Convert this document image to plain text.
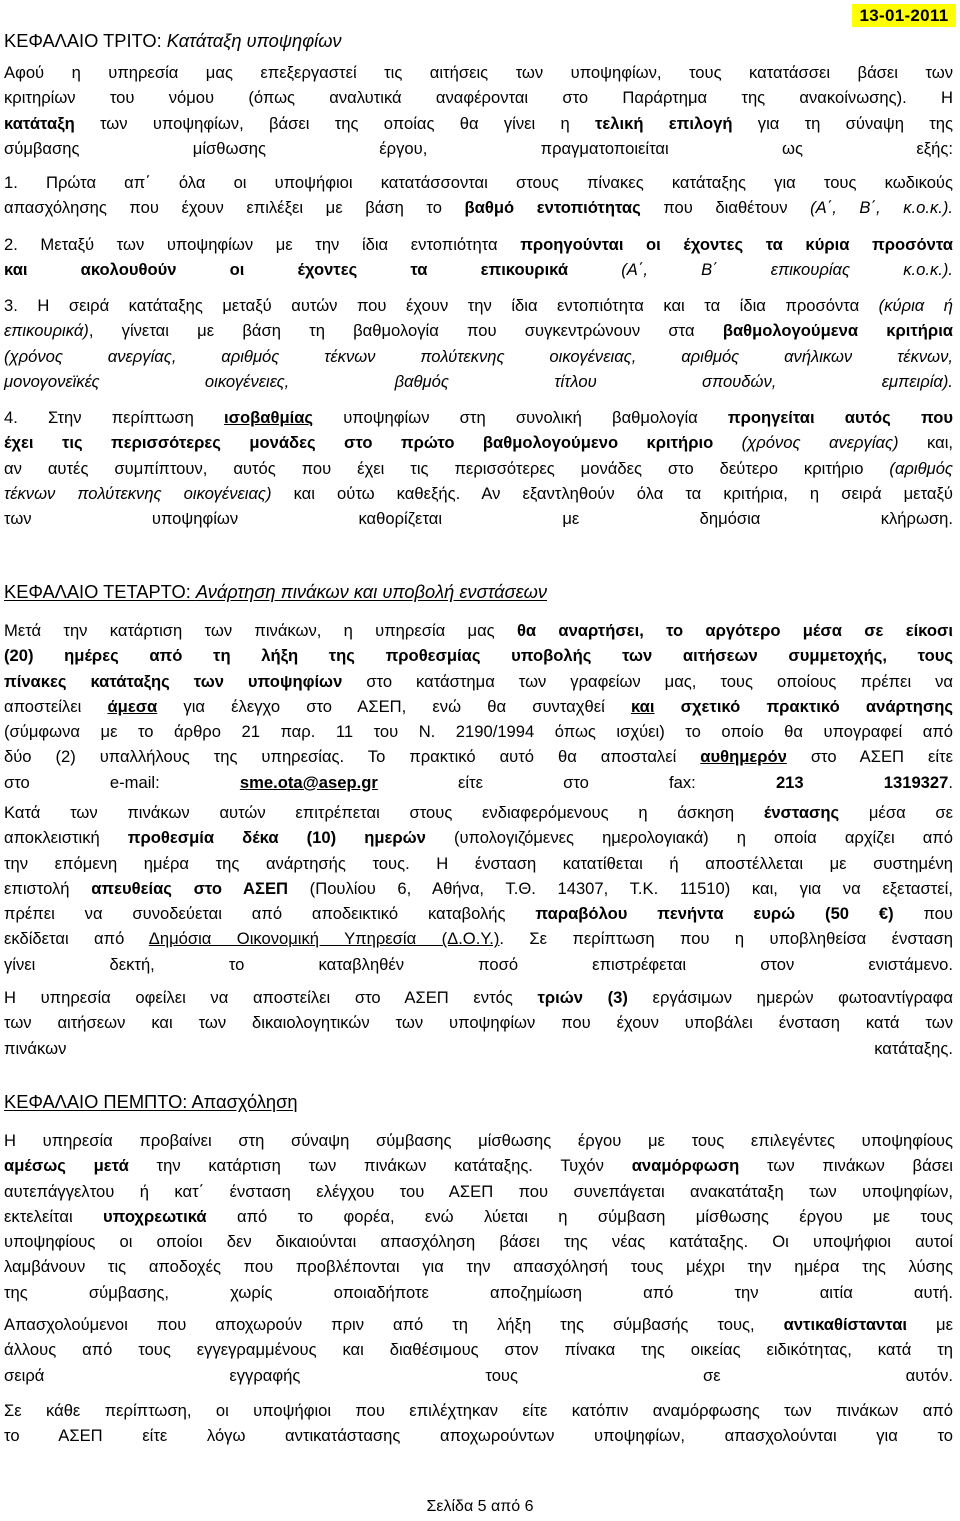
13-01-2011
ΚΕΦΑΛΑΙΟ ΤΡΙΤΟ: Κατάταξη υποψηφίων
Αφού η υπηρεσία μας επεξεργαστεί τις αιτήσεις των υποψηφίων, τους κατατάσσει βάσει των
κριτηρίων του νόμου (όπως αναλυτικά αναφέρονται στο Παράρτημα της ανακοίνωσης). Η
κατάταξη των υποψηφίων, βάσει της οποίας θα γίνει η τελική επιλογή για τη σύναψη της
σύμβασης μίσθωσης έργου, πραγματοποιείται ως εξής:
1. Πρώτα απ΄ όλα οι υποψήφιοι κατατάσσονται στους πίνακες κατάταξης για τους κωδικούς
απασχόλησης που έχουν επιλέξει με βάση το βαθμό εντοπιότητας που διαθέτουν (Α΄, Β΄, κ.ο.κ.).
2. Μεταξύ των υποψηφίων με την ίδια εντοπιότητα προηγούνται οι έχοντες τα κύρια προσόντα
και ακολουθούν οι έχοντες τα επικουρικά (Α΄, Β΄ επικουρίας κ.ο.κ.).
3. Η σειρά κατάταξης μεταξύ αυτών που έχουν την ίδια εντοπιότητα και τα ίδια προσόντα (κύρια ή
επικουρικά), γίνεται με βάση τη βαθμολογία που συγκεντρώνουν στα βαθμολογούμενα κριτήρια
(χρόνος ανεργίας, αριθμός τέκνων πολύτεκνης οικογένειας, αριθμός ανήλικων τέκνων,
μονογονεϊκές οικογένειες, βαθμός τίτλου σπουδών, εμπειρία).
4. Στην περίπτωση ισοβαθμίας υποψηφίων στη συνολική βαθμολογία προηγείται αυτός που
έχει τις περισσότερες μονάδες στο πρώτο βαθμολογούμενο κριτήριο (χρόνος ανεργίας) και,
αν αυτές συμπίπτουν, αυτός που έχει τις περισσότερες μονάδες στο δεύτερο κριτήριο (αριθμός
τέκνων πολύτεκνης οικογένειας) και ούτω καθεξής. Αν εξαντληθούν όλα τα κριτήρια, η σειρά μεταξύ
των υποψηφίων καθορίζεται με δημόσια κλήρωση.
ΚΕΦΑΛΑΙΟ ΤΕΤΑΡΤΟ: Ανάρτηση πινάκων και υποβολή ενστάσεων
Μετά την κατάρτιση των πινάκων, η υπηρεσία μας θα αναρτήσει, το αργότερο μέσα σε είκοσι
(20) ημέρες από τη λήξη της προθεσμίας υποβολής των αιτήσεων συμμετοχής, τους
πίνακες κατάταξης των υποψηφίων στο κατάστημα των γραφείων μας, τους οποίους πρέπει να
αποστείλει άμεσα για έλεγχο στο ΑΣΕΠ, ενώ θα συνταχθεί και σχετικό πρακτικό ανάρτησης
(σύμφωνα με το άρθρο 21 παρ. 11 του Ν. 2190/1994 όπως ισχύει) το οποίο θα υπογραφεί από
δύο (2) υπαλλήλους της υπηρεσίας. Το πρακτικό αυτό θα αποσταλεί αυθημερόν στο ΑΣΕΠ είτε
στο e-mail: sme.ota@asep.gr είτε στο fax: 213 1319327.
Κατά των πινάκων αυτών επιτρέπεται στους ενδιαφερόμενους η άσκηση ένστασης μέσα σε
αποκλειστική προθεσμία δέκα (10) ημερών (υπολογιζόμενες ημερολογιακά) η οποία αρχίζει από
την επόμενη ημέρα της ανάρτησής τους. Η ένσταση κατατίθεται ή αποστέλλεται με συστημένη
επιστολή απευθείας στο ΑΣΕΠ (Πουλίου 6, Αθήνα, Τ.Θ. 14307, Τ.Κ. 11510) και, για να εξεταστεί,
πρέπει να συνοδεύεται από αποδεικτικό καταβολής παραβόλου πενήντα ευρώ (50 €) που
εκδίδεται από Δημόσια Οικονομική Υπηρεσία (Δ.Ο.Υ.). Σε περίπτωση που η υποβληθείσα ένσταση
γίνει δεκτή, το καταβληθέν ποσό επιστρέφεται στον ενιστάμενο.
Η υπηρεσία οφείλει να αποστείλει στο ΑΣΕΠ εντός τριών (3) εργάσιμων ημερών φωτοαντίγραφα
των αιτήσεων και των δικαιολογητικών των υποψηφίων που έχουν υποβάλει ένσταση κατά των
πινάκων κατάταξης.
ΚΕΦΑΛΑΙΟ ΠΕΜΠΤΟ: Απασχόληση
Η υπηρεσία προβαίνει στη σύναψη σύμβασης μίσθωσης έργου με τους επιλεγέντες υποψηφίους
αμέσως μετά την κατάρτιση των πινάκων κατάταξης. Τυχόν αναμόρφωση των πινάκων βάσει
αυτεπάγγελτου ή κατ΄ ένσταση ελέγχου του ΑΣΕΠ που συνεπάγεται ανακατάταξη των υποψηφίων,
εκτελείται υποχρεωτικά από το φορέα, ενώ λύεται η σύμβαση μίσθωσης έργου με τους
υποψηφίους οι οποίοι δεν δικαιούνται απασχόληση βάσει της νέας κατάταξης. Οι υποψήφιοι αυτοί
λαμβάνουν τις αποδοχές που προβλέπονται για την απασχόλησή τους μέχρι την ημέρα της λύσης
της σύμβασης, χωρίς οποιαδήποτε αποζημίωση από την αιτία αυτή.
Απασχολούμενοι που αποχωρούν πριν από τη λήξη της σύμβασής τους, αντικαθίστανται με
άλλους από τους εγγεγραμμένους και διαθέσιμους στον πίνακα της οικείας ειδικότητας, κατά τη
σειρά εγγραφής τους σε αυτόν.
Σε κάθε περίπτωση, οι υποψήφιοι που επιλέχτηκαν είτε κατόπιν αναμόρφωσης των πινάκων από
το ΑΣΕΠ είτε λόγω αντικατάστασης αποχωρούντων υποψηφίων, απασχολούνται για το
Σελίδα 5 από 6
